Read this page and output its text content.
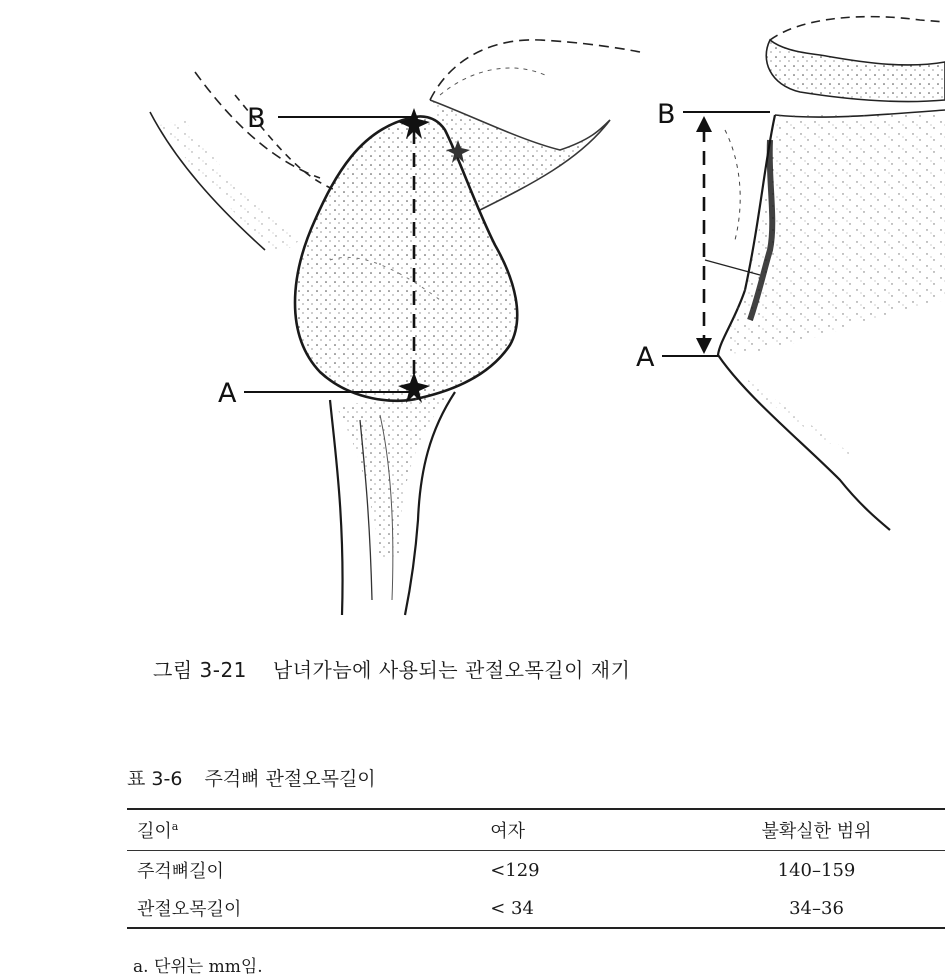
B
A
B
A
그림 3-21 남녀가늠에 사용되는 관절오목길이 재기
표 3-6 주걱뼈 관절오목길이
길이$^a$	여자	불확실한 범위
주걱뼈길이	<129	140–159
관절오목길이	< 34	34–36
a. 단위는 mm임.
